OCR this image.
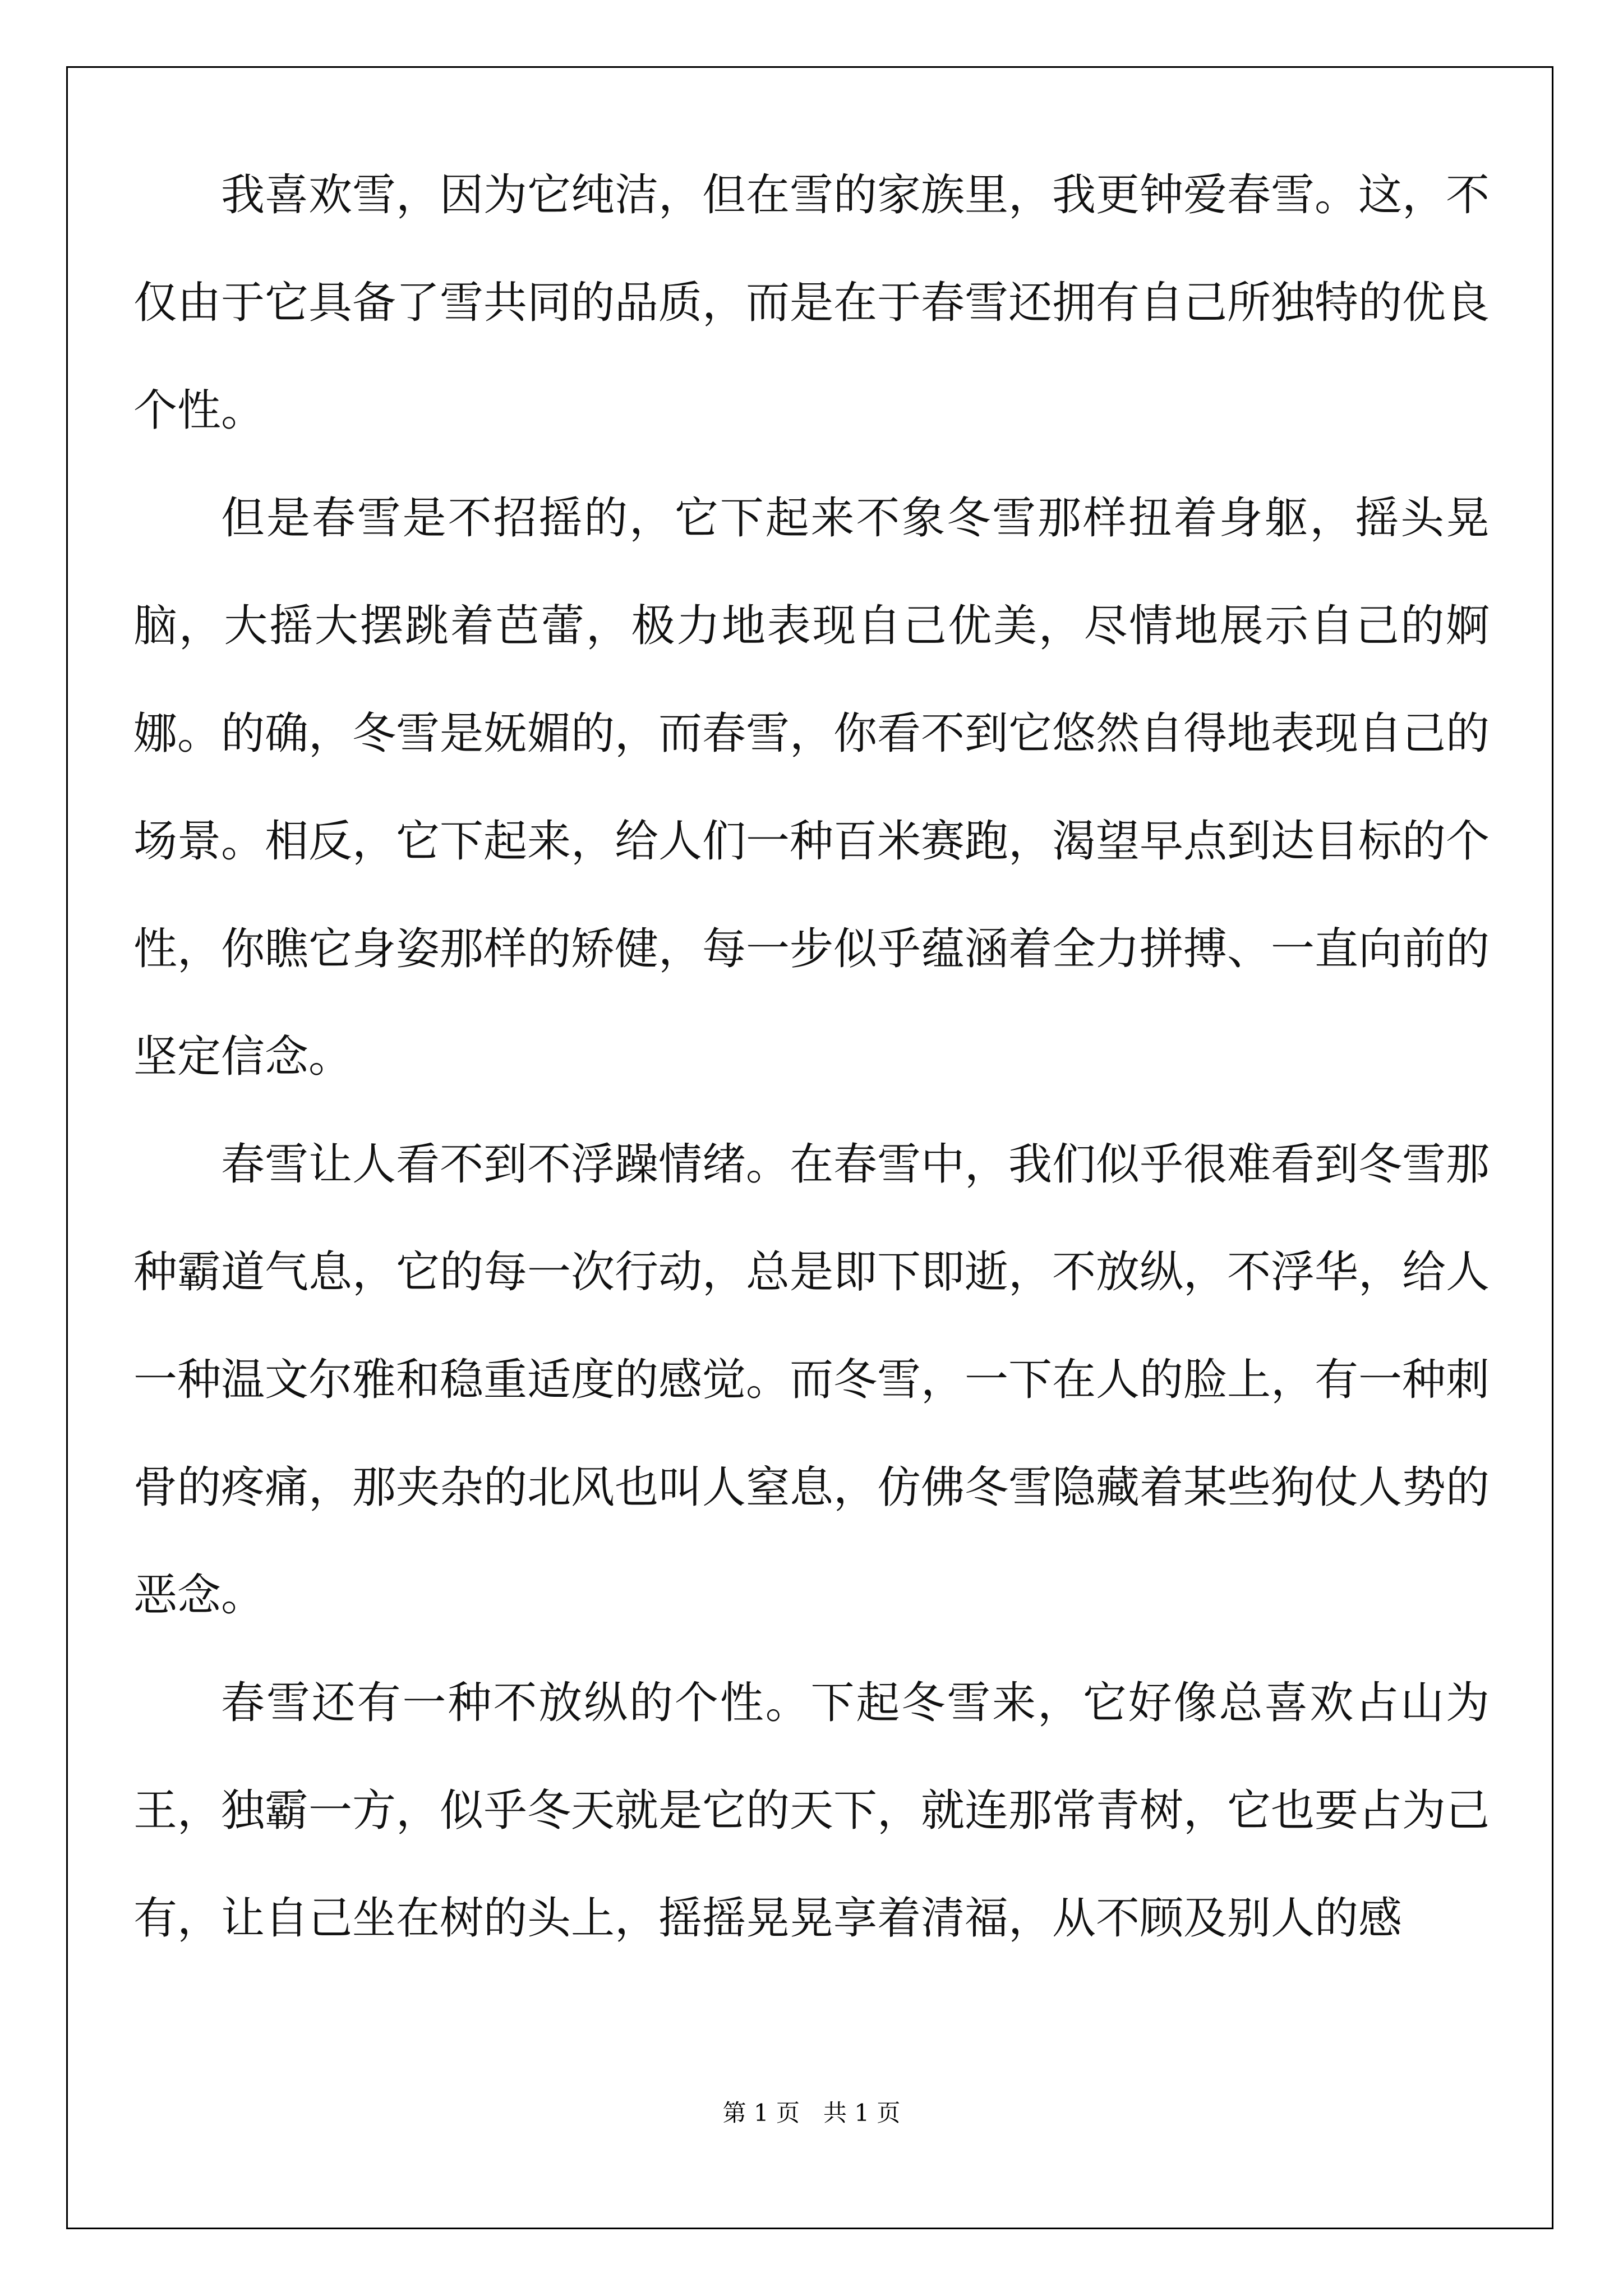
我喜欢雪，因为它纯洁，但在雪的家族里，我更钟爱春雪。这，不仅由于它具备了雪共同的品质，而是在于春雪还拥有自己所独特的优良个性。

但是春雪是不招摇的，它下起来不象冬雪那样扭着身躯，摇头晃脑，大摇大摆跳着芭蕾，极力地表现自己优美，尽情地展示自己的婀娜。的确，冬雪是妩媚的，而春雪，你看不到它悠然自得地表现自己的场景。相反，它下起来，给人们一种百米赛跑，渴望早点到达目标的个性，你瞧它身姿那样的矫健，每一步似乎蕴涵着全力拼搏、一直向前的坚定信念。

春雪让人看不到不浮躁情绪。在春雪中，我们似乎很难看到冬雪那种霸道气息，它的每一次行动，总是即下即逝，不放纵，不浮华，给人一种温文尔雅和稳重适度的感觉。而冬雪，一下在人的脸上，有一种刺骨的疼痛，那夹杂的北风也叫人窒息，仿佛冬雪隐藏着某些狗仗人势的恶念。

春雪还有一种不放纵的个性。下起冬雪来，它好像总喜欢占山为王，独霸一方，似乎冬天就是它的天下，就连那常青树，它也要占为己有，让自己坐在树的头上，摇摇晃晃享着清福，从不顾及别人的感

第 1 页　共 1 页
